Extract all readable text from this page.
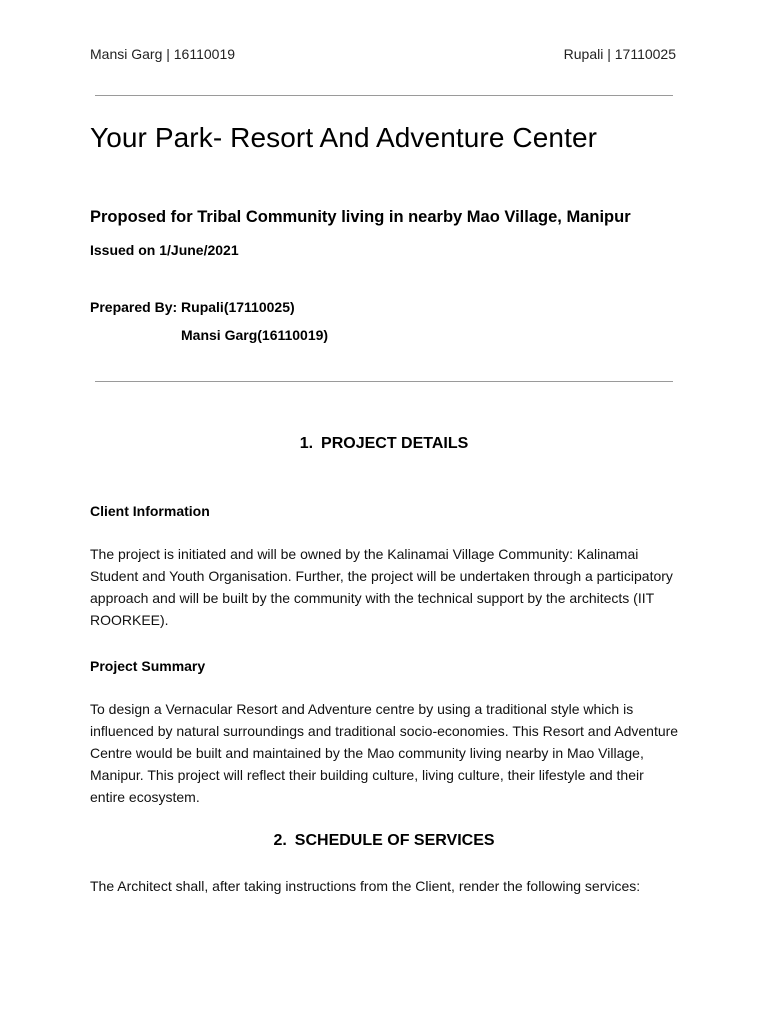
Mansi Garg | 16110019	Rupali | 17110025
Your Park- Resort And Adventure Center
Proposed for Tribal Community living in nearby Mao Village, Manipur
Issued on 1/June/2021
Prepared By: Rupali(17110025)
Mansi Garg(16110019)
1. PROJECT DETAILS
Client Information
The project is initiated and will be owned by the Kalinamai Village Community: Kalinamai Student and Youth Organisation. Further, the project will be undertaken through a participatory approach and will be built by the community with the technical support by the architects (IIT ROORKEE).
Project Summary
To design a Vernacular Resort and Adventure centre by using a traditional style which is influenced by natural surroundings and traditional socio-economies. This Resort and Adventure Centre would be built and maintained by the Mao community living nearby in Mao Village, Manipur. This project will reflect their building culture, living culture, their lifestyle and their entire ecosystem.
2. SCHEDULE OF SERVICES
The Architect shall, after taking instructions from the Client, render the following services:
